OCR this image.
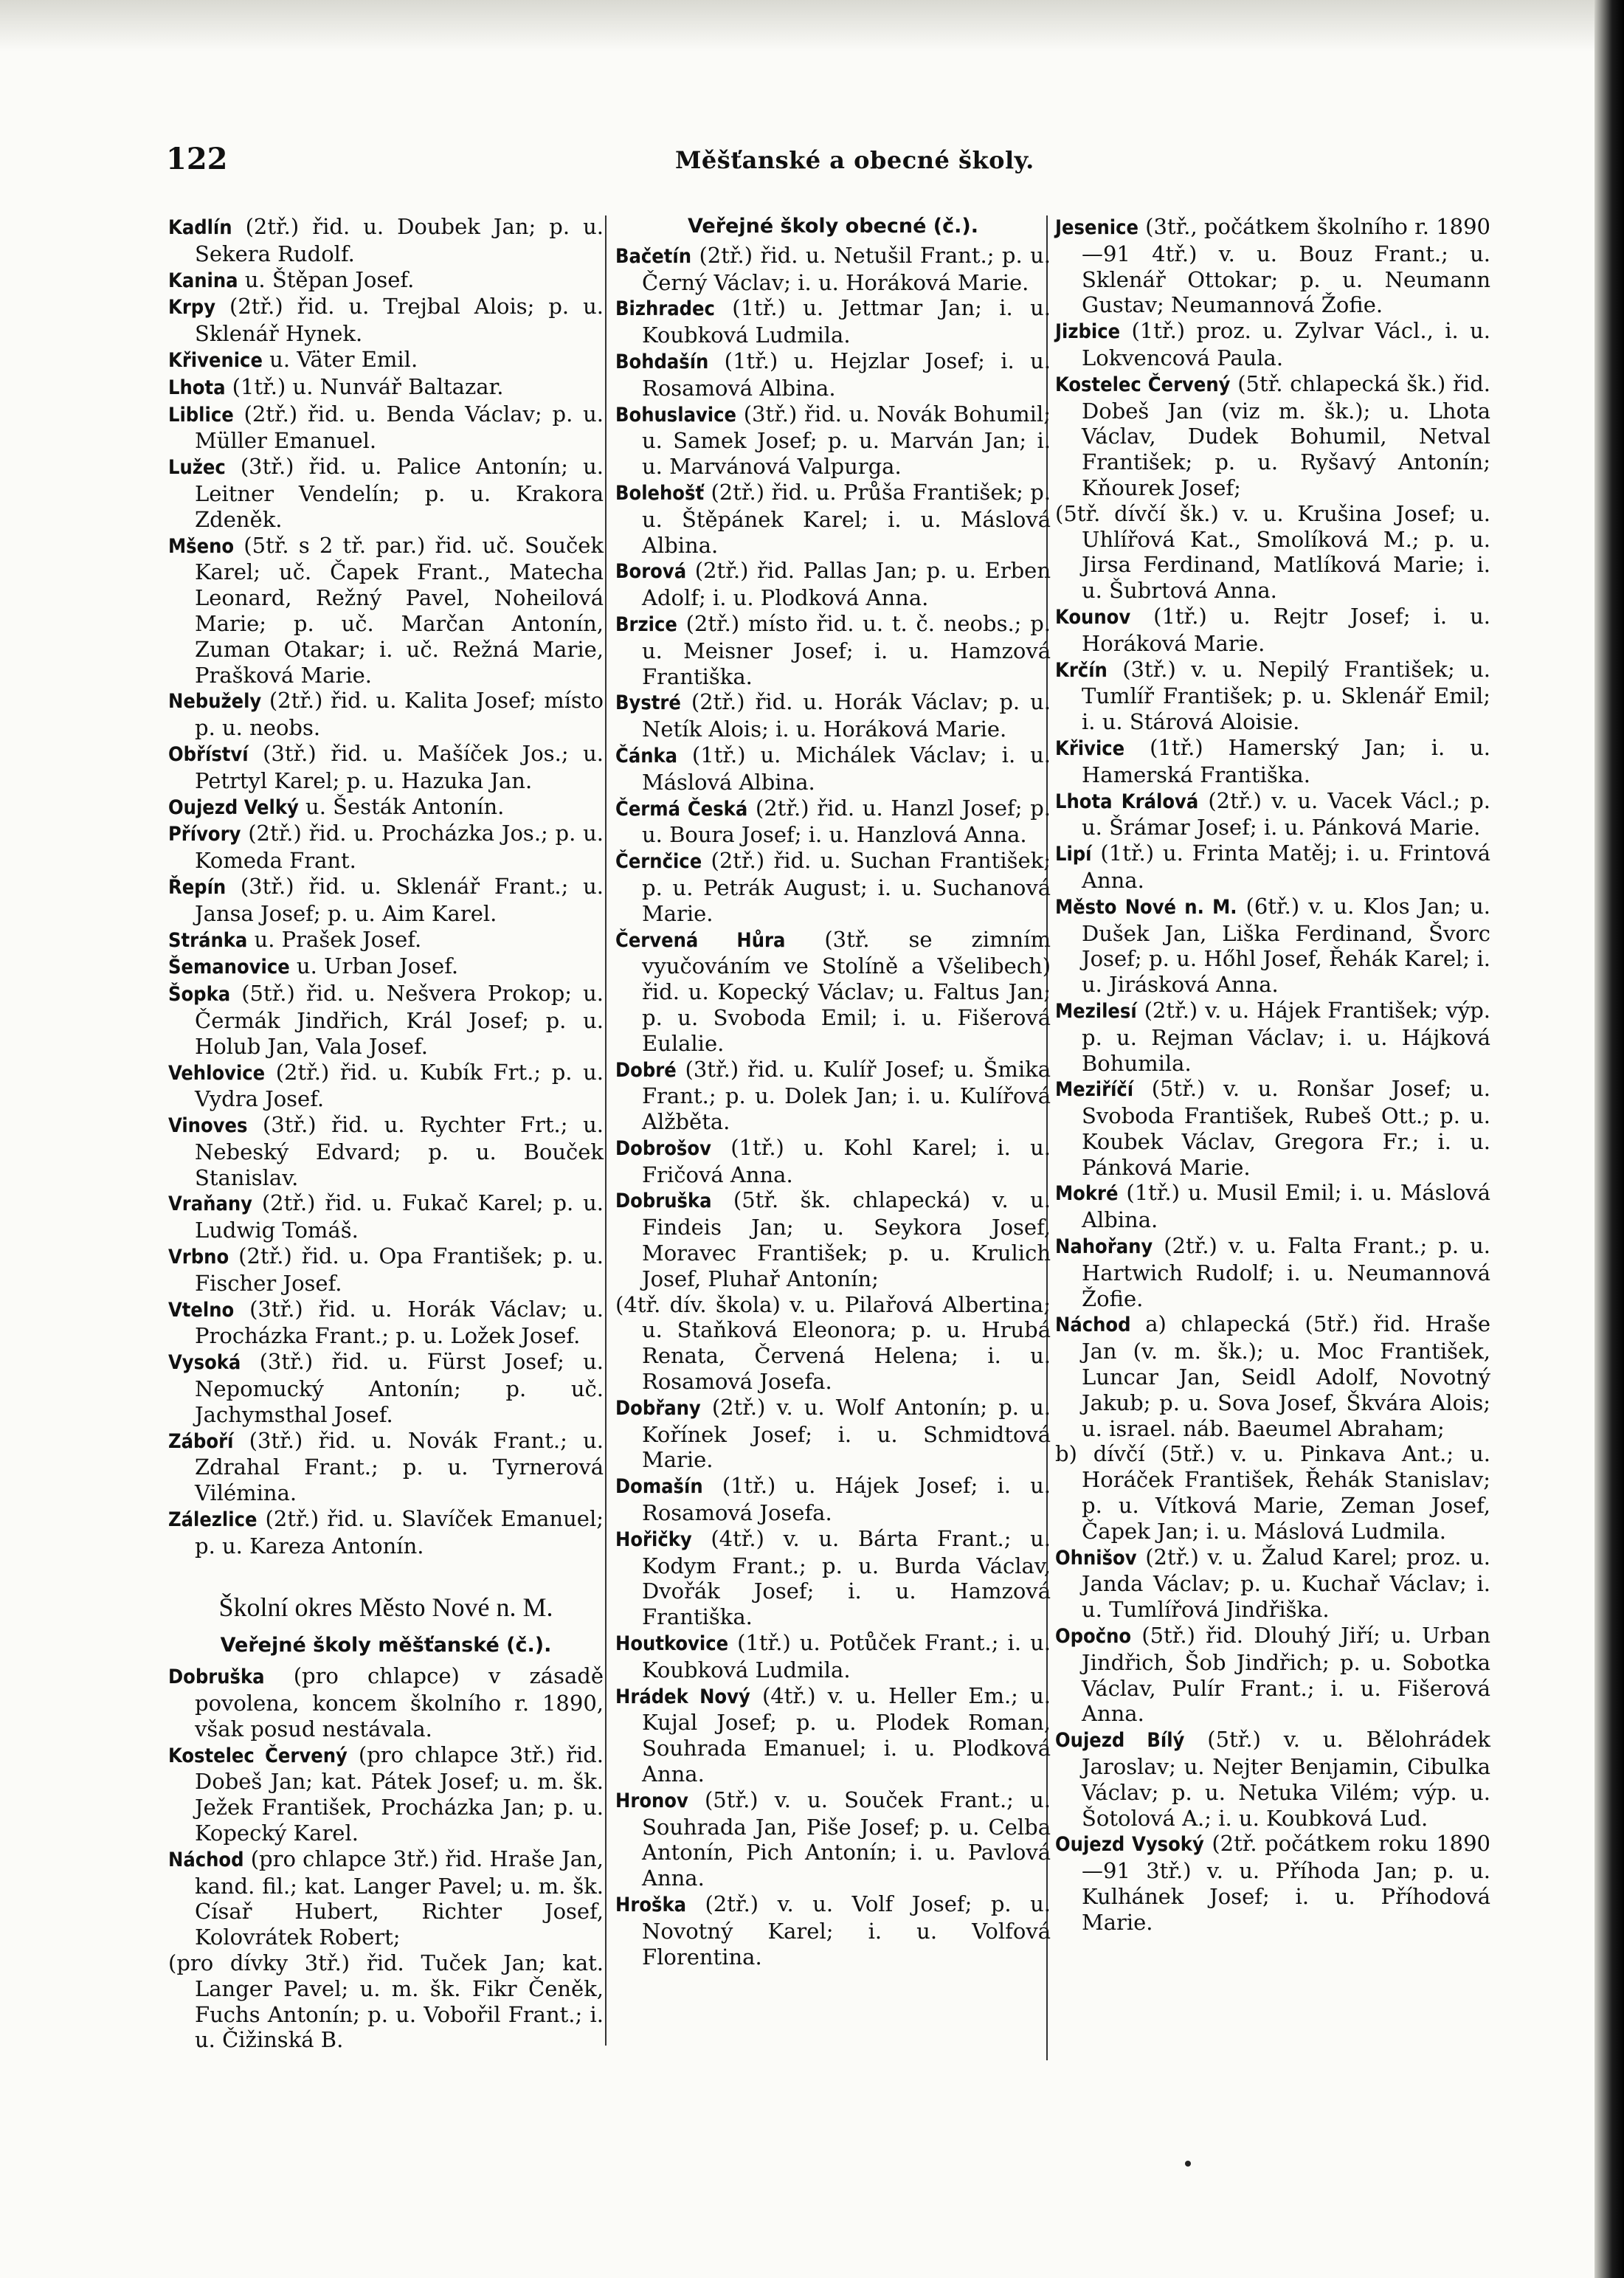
122	Měšťanské a obecné školy.

Kadlín (2tř.) řid. u. Doubek Jan; p. u. Sekera Rudolf.

Kanina u. Štěpan Josef.

Krpy (2tř.) řid. u. Trejbal Alois; p. u. Sklenář Hynek.

Křivenice u. Väter Emil.

Lhota (1tř.) u. Nunvář Baltazar.

Liblice (2tř.) řid. u. Benda Václav; p. u. Müller Emanuel.

Lužec (3tř.) řid. u. Palice Antonín; u. Leitner Vendelín; p. u. Krakora Zdeněk.

Mšeno (5tř. s 2 tř. par.) řid. uč. Souček Karel; uč. Čapek Frant., Matecha Leonard, Režný Pavel, Noheilová Marie; p. uč. Marčan Antonín, Zuman Otakar; i. uč. Režná Marie, Prašková Marie.

Nebužely (2tř.) řid. u. Kalita Josef; místo p. u. neobs.

Obříství (3tř.) řid. u. Mašíček Jos.; u. Petrtyl Karel; p. u. Hazuka Jan.

Oujezd Velký u. Šesták Antonín.

Přívory (2tř.) řid. u. Procházka Jos.; p. u. Komeda Frant.

Řepín (3tř.) řid. u. Sklenář Frant.; u. Jansa Josef; p. u. Aim Karel.

Stránka u. Prašek Josef.

Šemanovice u. Urban Josef.

Šopka (5tř.) řid. u. Nešvera Prokop; u. Čermák Jindřich, Král Josef; p. u. Holub Jan, Vala Josef.

Vehlovice (2tř.) řid. u. Kubík Frt.; p. u. Vydra Josef.

Vinoves (3tř.) řid. u. Rychter Frt.; u. Nebeský Edvard; p. u. Bouček Stanislav.

Vraňany (2tř.) řid. u. Fukač Karel; p. u. Ludwig Tomáš.

Vrbno (2tř.) řid. u. Opa František; p. u. Fischer Josef.

Vtelno (3tř.) řid. u. Horák Václav; u. Procházka Frant.; p. u. Ložek Josef.

Vysoká (3tř.) řid. u. Fürst Josef; u. Nepomucký Antonín; p. uč. Jachymsthal Josef.

Záboří (3tř.) řid. u. Novák Frant.; u. Zdrahal Frant.; p. u. Tyrnerová Vilémina.

Zálezlice (2tř.) řid. u. Slavíček Emanuel; p. u. Kareza Antonín.

Školní okres Město Nové n. M.
Veřejné školy měšťanské (č.).

Dobruška (pro chlapce) v zásadě povolena, koncem školního r. 1890, však posud nestávala.

Kostelec Červený (pro chlapce 3tř.) řid. Dobeš Jan; kat. Pátek Josef; u. m. šk. Ježek František, Procházka Jan; p. u. Kopecký Karel.

Náchod (pro chlapce 3tř.) řid. Hraše Jan, kand. fil.; kat. Langer Pavel; u. m. šk. Císař Hubert, Richter Josef, Kolovrátek Robert;

(pro dívky 3tř.) řid. Tuček Jan; kat. Langer Pavel; u. m. šk. Fikr Čeněk, Fuchs Antonín; p. u. Vobořil Frant.; i. u. Čižinská B.

Veřejné školy obecné (č.).

Bačetín (2tř.) řid. u. Netušil Frant.; p. u. Černý Václav; i. u. Horáková Marie.

Bizhradec (1tř.) u. Jettmar Jan; i. u. Koubková Ludmila.

Bohdašín (1tř.) u. Hejzlar Josef; i. u. Rosamová Albina.

Bohuslavice (3tř.) řid. u. Novák Bohumil; u. Samek Josef; p. u. Marván Jan; i. u. Marvánová Valpurga.

Bolehošť (2tř.) řid. u. Průša František; p. u. Štěpánek Karel; i. u. Máslová Albina.

Borová (2tř.) řid. Pallas Jan; p. u. Erben Adolf; i. u. Plodková Anna.

Brzice (2tř.) místo řid. u. t. č. neobs.; p. u. Meisner Josef; i. u. Hamzová Františka.

Bystré (2tř.) řid. u. Horák Václav; p. u. Netík Alois; i. u. Horáková Marie.

Čánka (1tř.) u. Michálek Václav; i. u. Máslová Albina.

Čermá Česká (2tř.) řid. u. Hanzl Josef; p. u. Boura Josef; i. u. Hanzlová Anna.

Černčice (2tř.) řid. u. Suchan František; p. u. Petrák August; i. u. Suchanová Marie.

Červená Hůra (3tř. se zimním vyučováním ve Stolíně a Všelibech) řid. u. Kopecký Václav; u. Faltus Jan; p. u. Svoboda Emil; i. u. Fišerová Eulalie.

Dobré (3tř.) řid. u. Kulíř Josef; u. Šmika Frant.; p. u. Dolek Jan; i. u. Kulířová Alžběta.

Dobrošov (1tř.) u. Kohl Karel; i. u. Fričová Anna.

Dobruška (5tř. šk. chlapecká) v. u. Findeis Jan; u. Seykora Josef, Moravec František; p. u. Krulich Josef, Pluhař Antonín;

(4tř. dív. škola) v. u. Pilařová Albertina; u. Staňková Eleonora; p. u. Hrubá Renata, Červená Helena; i. u. Rosamová Josefa.

Dobřany (2tř.) v. u. Wolf Antonín; p. u. Kořínek Josef; i. u. Schmidtová Marie.

Domašín (1tř.) u. Hájek Josef; i. u. Rosamová Josefa.

Hořičky (4tř.) v. u. Bárta Frant.; u. Kodym Frant.; p. u. Burda Václav, Dvořák Josef; i. u. Hamzová Františka.

Houtkovice (1tř.) u. Potůček Frant.; i. u. Koubková Ludmila.

Hrádek Nový (4tř.) v. u. Heller Em.; u. Kujal Josef; p. u. Plodek Roman, Souhrada Emanuel; i. u. Plodková Anna.

Hronov (5tř.) v. u. Souček Frant.; u. Souhrada Jan, Piše Josef; p. u. Celba Antonín, Pich Antonín; i. u. Pavlová Anna.

Hroška (2tř.) v. u. Volf Josef; p. u. Novotný Karel; i. u. Volfová Florentina.

Jesenice (3tř., počátkem školního r. 1890—91 4tř.) v. u. Bouz Frant.; u. Sklenář Ottokar; p. u. Neumann Gustav; Neumannová Žofie.

Jizbice (1tř.) proz. u. Zylvar Václ., i. u. Lokvencová Paula.

Kostelec Červený (5tř. chlapecká šk.) řid. Dobeš Jan (viz m. šk.); u. Lhota Václav, Dudek Bohumil, Netval František; p. u. Ryšavý Antonín; Kňourek Josef;

(5tř. dívčí šk.) v. u. Krušina Josef; u. Uhlířová Kat., Smolíková M.; p. u. Jirsa Ferdinand, Matlíková Marie; i. u. Šubrtová Anna.

Kounov (1tř.) u. Rejtr Josef; i. u. Horáková Marie.

Krčín (3tř.) v. u. Nepilý František; u. Tumlíř František; p. u. Sklenář Emil; i. u. Stárová Aloisie.

Křivice (1tř.) Hamerský Jan; i. u. Hamerská Františka.

Lhota Králová (2tř.) v. u. Vacek Václ.; p. u. Šrámar Josef; i. u. Pánková Marie.

Lipí (1tř.) u. Frinta Matěj; i. u. Frintová Anna.

Město Nové n. M. (6tř.) v. u. Klos Jan; u. Dušek Jan, Liška Ferdinand, Švorc Josef; p. u. Hőhl Josef, Řehák Karel; i. u. Jirásková Anna.

Mezilesí (2tř.) v. u. Hájek František; výp. p. u. Rejman Václav; i. u. Hájková Bohumila.

Meziříčí (5tř.) v. u. Ronšar Josef; u. Svoboda František, Rubeš Ott.; p. u. Koubek Václav, Gregora Fr.; i. u. Pánková Marie.

Mokré (1tř.) u. Musil Emil; i. u. Máslová Albina.

Nahořany (2tř.) v. u. Falta Frant.; p. u. Hartwich Rudolf; i. u. Neumannová Žofie.

Náchod a) chlapecká (5tř.) řid. Hraše Jan (v. m. šk.); u. Moc František, Luncar Jan, Seidl Adolf, Novotný Jakub; p. u. Sova Josef, Škvára Alois; u. israel. náb. Baeumel Abraham;

b) dívčí (5tř.) v. u. Pinkava Ant.; u. Horáček František, Řehák Stanislav; p. u. Vítková Marie, Zeman Josef, Čapek Jan; i. u. Máslová Ludmila.

Ohnišov (2tř.) v. u. Žalud Karel; proz. u. Janda Václav; p. u. Kuchař Václav; i. u. Tumlířová Jindřiška.

Opočno (5tř.) řid. Dlouhý Jiří; u. Urban Jindřich, Šob Jindřich; p. u. Sobotka Václav, Pulír Frant.; i. u. Fišerová Anna.

Oujezd Bílý (5tř.) v. u. Bělohrádek Jaroslav; u. Nejter Benjamin, Cibulka Václav; p. u. Netuka Vilém; výp. u. Šotolová A.; i. u. Koubková Lud.

Oujezd Vysoký (2tř. počátkem roku 1890—91 3tř.) v. u. Příhoda Jan; p. u. Kulhánek Josef; i. u. Příhodová Marie.
